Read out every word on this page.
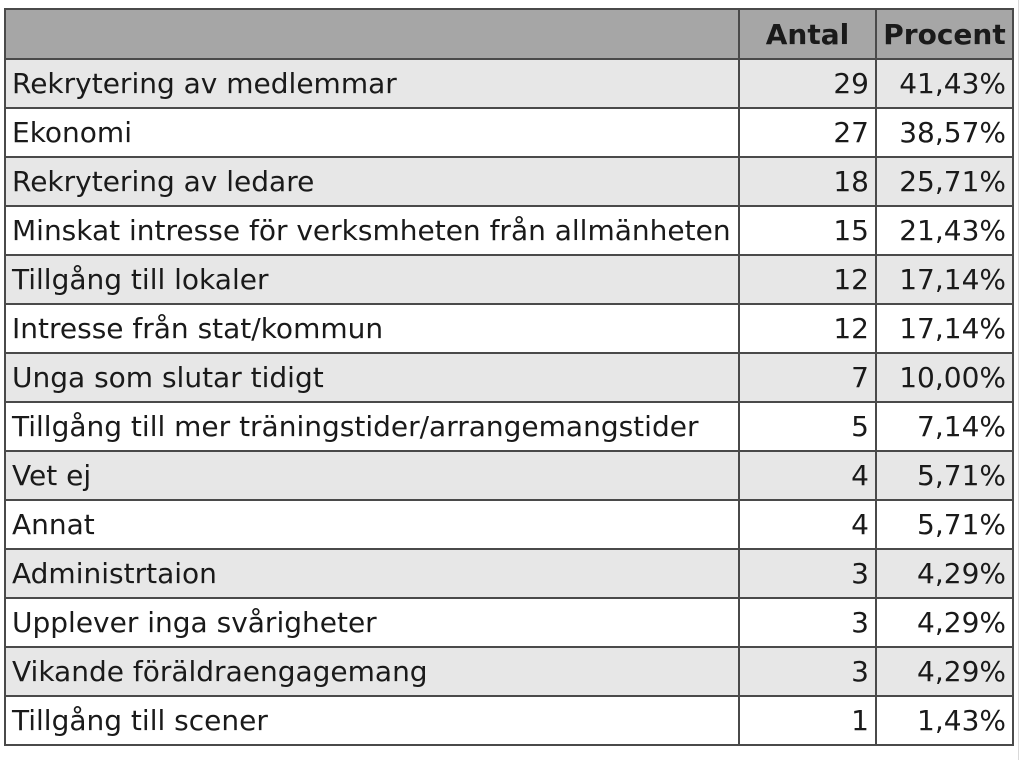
	Antal	Procent
Rekrytering av medlemmar	29	41,43%
Ekonomi	27	38,57%
Rekrytering av ledare	18	25,71%
Minskat intresse för verksmheten från allmänheten	15	21,43%
Tillgång till lokaler	12	17,14%
Intresse från stat/kommun	12	17,14%
Unga som slutar tidigt	7	10,00%
Tillgång till mer träningstider/arrangemangstider	5	7,14%
Vet ej	4	5,71%
Annat	4	5,71%
Administrtaion	3	4,29%
Upplever inga svårigheter	3	4,29%
Vikande föräldraengagemang	3	4,29%
Tillgång till scener	1	1,43%
